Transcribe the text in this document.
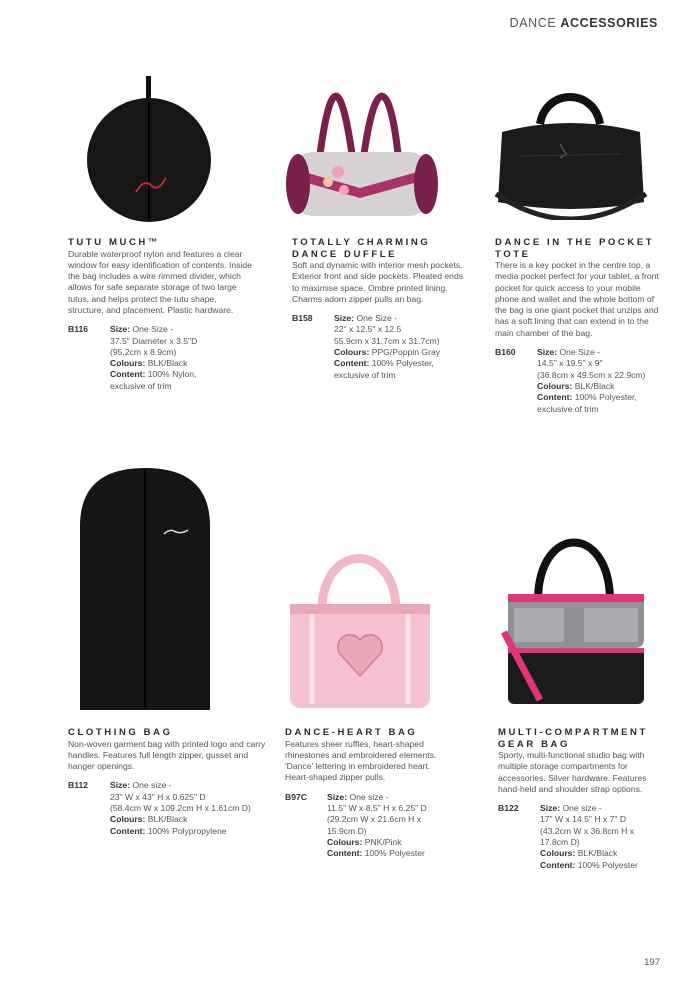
DANCE ACCESSORIES

TUTU MUCH™

Durable waterproof nylon and features a clear window for easy identification of contents. Inside the bag includes a wire rimmed divider, which allows for safe separate storage of two large tutus, and helps protect the tutu shape, structure, and placement. Plastic hardware.

B116	Size: One Size -
37.5" Diameter x 3.5"D
(95.2cm x 8.9cm)
Colours: BLK/Black
Content: 100% Nylon,
exclusive of trim

TOTALLY CHARMING DANCE DUFFLE

Soft and dynamic with interior mesh pockets. Exterior front and side pockets. Pleated ends to maximise space. Ombre printed lining. Charms adorn zipper pulls an bag.

B158	Size: One Size -
22" x 12.5" x 12.5
55.9cm x 31.7cm x 31.7cm)
Colours: PPG/Poppin Gray
Content: 100% Polyester,
exclusive of trim

DANCE IN THE POCKET TOTE

There is a key pocket in the centre top, a media pocket perfect for your tablet, a front pocket for quick access to your mobile phone and wallet and the whole bottom of the bag is one giant pocket that unzips and has a soft lining that can extend in to the main chamber of the bag.

B160	Size: One Size -
14.5" x 19.5" x 9"
(36.8cm x 49.5cm x 22.9cm)
Colours: BLK/Black
Content: 100% Polyester,
exclusive of trim

CLOTHING BAG

Non-woven garment bag with printed logo and carry handles. Features full length zipper, gusset and hanger openings.

B112	Size: One size -
23" W x 43" H x 0.625" D
(58.4cm W x 109.2cm H x 1.61cm D)
Colours: BLK/Black
Content: 100% Polypropylene

DANCE-HEART BAG

Features sheer ruffles, heart-shaped rhinestones and embroidered elements. 'Dance' lettering in embroidered heart. Heart-shaped zipper pulls.

B97C	Size: One size -
11.5" W x 8.5" H x 6.25" D
(29.2cm W x 21.6cm H x
15.9cm D)
Colours: PNK/Pink
Content: 100% Polyester

MULTI-COMPARTMENT GEAR BAG

Sporty, multi-functional studio bag with multiple storage compartments for accessories. Silver hardware. Features hand-held and shoulder strap options.

B122	Size: One size -
17" W x 14.5" H x 7" D
(43.2cm W x 36.8cm H x
17.8cm D)
Colours: BLK/Black
Content: 100% Polyester
197
